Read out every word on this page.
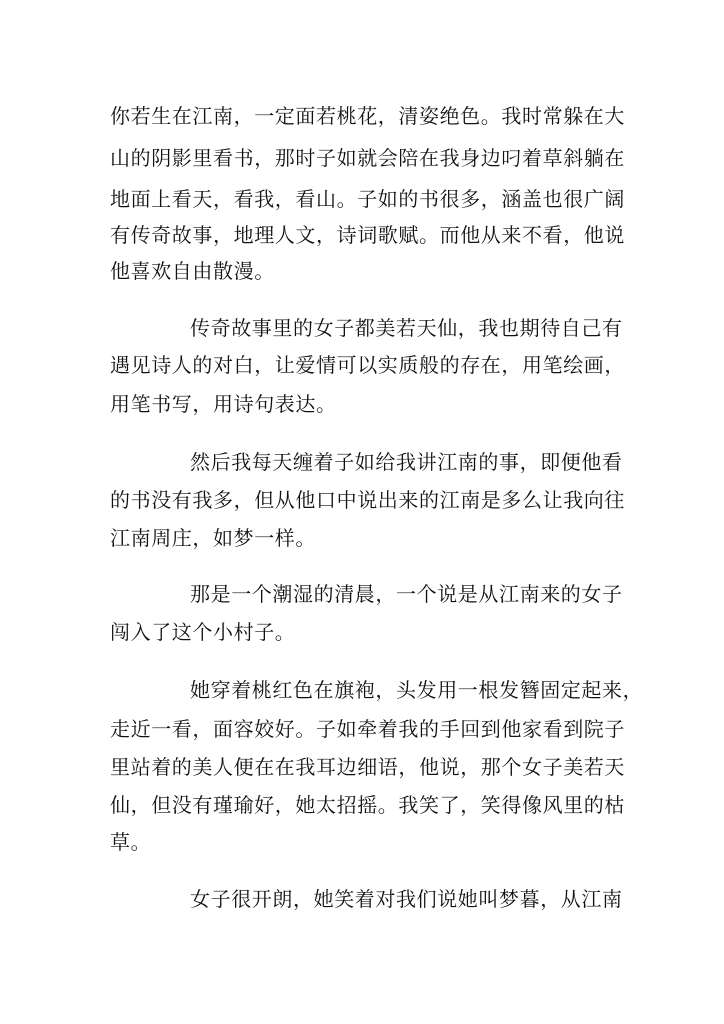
你若生在江南，一定面若桃花，清姿绝色。我时常躲在大
山的阴影里看书，那时子如就会陪在我身边叼着草斜躺在
地面上看天，看我，看山。子如的书很多，涵盖也很广阔
有传奇故事，地理人文，诗词歌赋。而他从来不看，他说
他喜欢自由散漫。
传奇故事里的女子都美若天仙，我也期待自己有
遇见诗人的对白，让爱情可以实质般的存在，用笔绘画，
用笔书写，用诗句表达。
然后我每天缠着子如给我讲江南的事，即便他看
的书没有我多，但从他口中说出来的江南是多么让我向往
江南周庄，如梦一样。
那是一个潮湿的清晨，一个说是从江南来的女子
闯入了这个小村子。
她穿着桃红色在旗袍，头发用一根发簪固定起来，
走近一看，面容姣好。子如牵着我的手回到他家看到院子
里站着的美人便在在我耳边细语，他说，那个女子美若天
仙，但没有瑾瑜好，她太招摇。我笑了，笑得像风里的枯
草。
女子很开朗，她笑着对我们说她叫梦暮，从江南
